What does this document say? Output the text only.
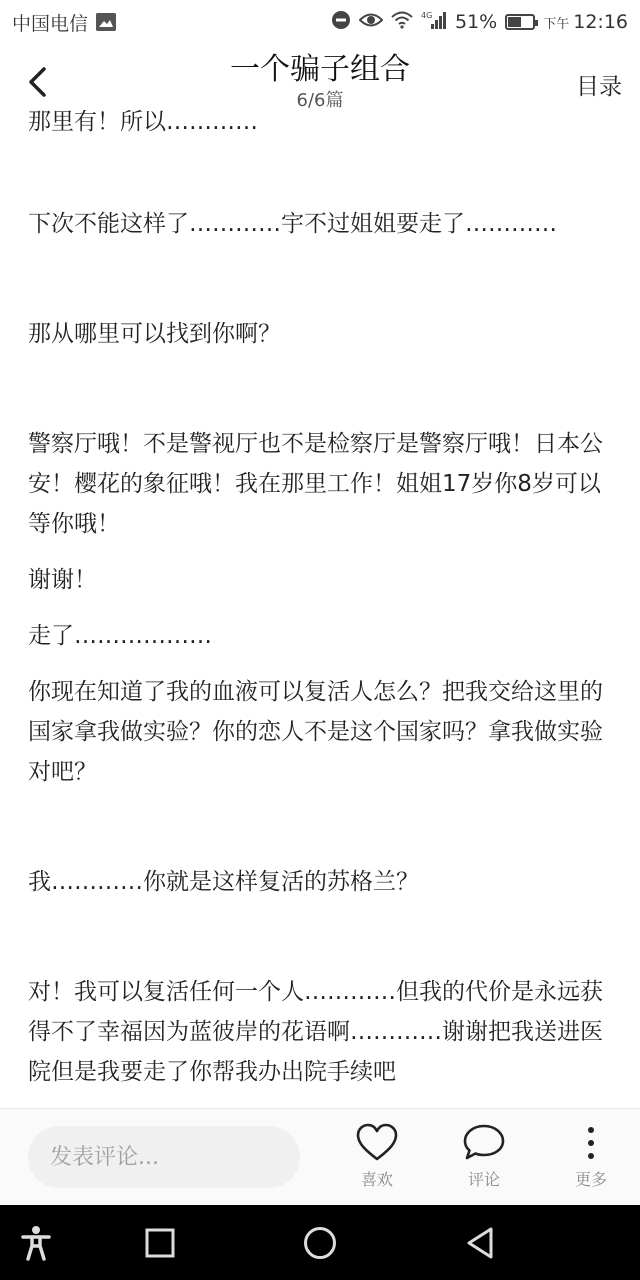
中国电信	4G 51%	下午 12:16
一个骗子组合
6/6篇
目录

那里有！所以…………

下次不能这样了…………宇不过姐姐要走了…………

那从哪里可以找到你啊？

警察厅哦！不是警视厅也不是检察厅是警察厅哦！日本公安！樱花的象征哦！我在那里工作！姐姐17岁你8岁可以等你哦！

谢谢！

走了………………

你现在知道了我的血液可以复活人怎么？把我交给这里的国家拿我做实验？你的恋人不是这个国家吗？拿我做实验对吧？

我…………你就是这样复活的苏格兰？

对！我可以复活任何一个人…………但我的代价是永远获得不了幸福因为蓝彼岸的花语啊…………谢谢把我送进医院但是我要走了你帮我办出院手续吧

发表评论...
喜欢	评论	更多
